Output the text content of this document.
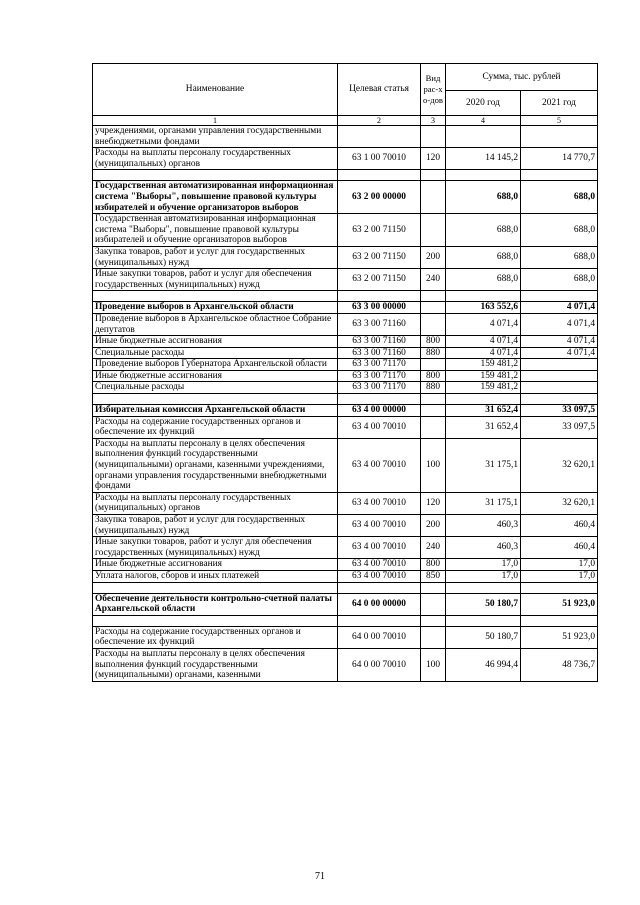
Наименование	Целевая статья	Вид рас-хо-дов	Сумма, тыс. рублей	
			2020 год	2021 год
1	2	3	4	5
учреждениями, органами управления государственными внебюджетными фондами				
Расходы на выплаты персоналу государственных (муниципальных) органов	63 1 00 70010	120	14 145,2	14 770,7

Государственная автоматизированная информационная система "Выборы", повышение правовой культуры избирателей и обучение организаторов выборов	63 2 00 00000		688,0	688,0
Государственная автоматизированная информационная система "Выборы", повышение правовой культуры избирателей и обучение организаторов выборов	63 2 00 71150		688,0	688,0
Закупка товаров, работ и услуг для государственных (муниципальных) нужд	63 2 00 71150	200	688,0	688,0
Иные закупки товаров, работ и услуг для обеспечения государственных (муниципальных) нужд	63 2 00 71150	240	688,0	688,0

Проведение выборов в Архангельской области	63 3 00 00000		163 552,6	4 071,4
Проведение выборов в Архангельское областное Собрание депутатов	63 3 00 71160		4 071,4	4 071,4
Иные бюджетные ассигнования	63 3 00 71160	800	4 071,4	4 071,4
Специальные расходы	63 3 00 71160	880	4 071,4	4 071,4
Проведение выборов Губернатора Архангельской области	63 3 00 71170		159 481,2	
Иные бюджетные ассигнования	63 3 00 71170	800	159 481,2	
Специальные расходы	63 3 00 71170	880	159 481,2	

Избирательная комиссия Архангельской области	63 4 00 00000		31 652,4	33 097,5
Расходы на содержание государственных органов и обеспечение их функций	63 4 00 70010		31 652,4	33 097,5
Расходы на выплаты персоналу в целях обеспечения выполнения функций государственными (муниципальными) органами, казенными учреждениями, органами управления государственными внебюджетными фондами	63 4 00 70010	100	31 175,1	32 620,1
Расходы на выплаты персоналу государственных (муниципальных) органов	63 4 00 70010	120	31 175,1	32 620,1
Закупка товаров, работ и услуг для государственных (муниципальных) нужд	63 4 00 70010	200	460,3	460,4
Иные закупки товаров, работ и услуг для обеспечения государственных (муниципальных) нужд	63 4 00 70010	240	460,3	460,4
Иные бюджетные ассигнования	63 4 00 70010	800	17,0	17,0
Уплата налогов, сборов и иных платежей	63 4 00 70010	850	17,0	17,0

Обеспечение деятельности контрольно-счетной палаты Архангельской области	64 0 00 00000		50 180,7	51 923,0

Расходы на содержание государственных органов и обеспечение их функций	64 0 00 70010		50 180,7	51 923,0
Расходы на выплаты персоналу в целях обеспечения выполнения функций государственными (муниципальными) органами, казенными	64 0 00 70010	100	46 994,4	48 736,7
71
